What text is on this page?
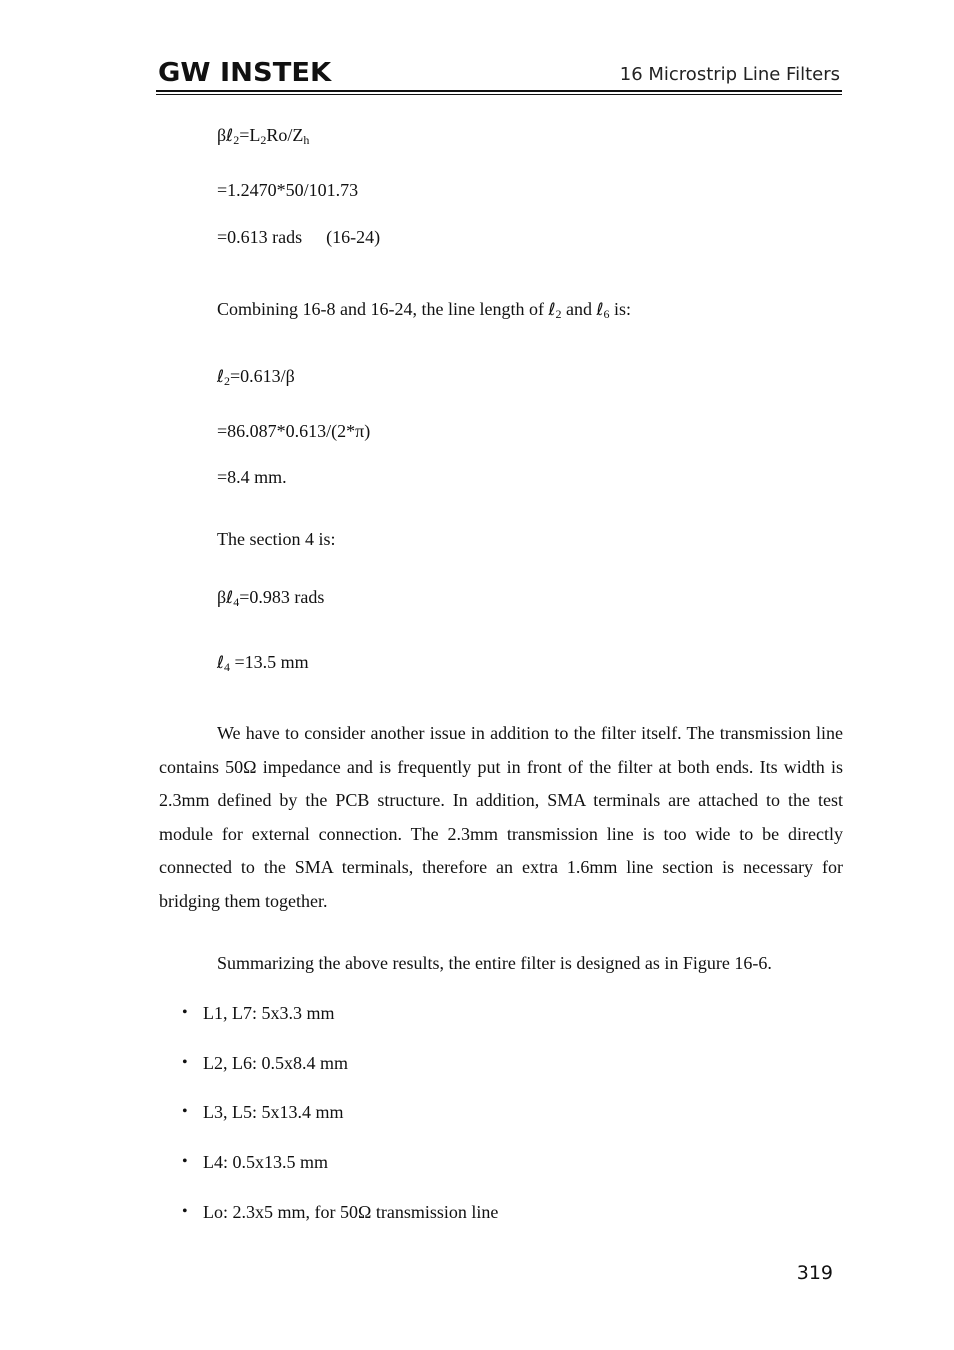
GW INSTEK	16 Microstrip Line Filters
$\beta\ell_2=L_2Ro/Z_h$
=1.2470*50/101.73
=0.613 rads (16-24)
Combining 16-8 and 16-24, the line length of ℓ$_2$ and ℓ$_6$ is:
ℓ$_2$=0.613/β
=86.087*0.613/(2*π)
=8.4 mm.
The section 4 is:
βℓ$_4$=0.983 rads
ℓ$_4$ =13.5 mm
We have to consider another issue in addition to the filter itself. The transmission line contains 50Ω impedance and is frequently put in front of the filter at both ends. Its width is 2.3mm defined by the PCB structure. In addition, SMA terminals are attached to the test module for external connection. The 2.3mm transmission line is too wide to be directly connected to the SMA terminals, therefore an extra 1.6mm line section is necessary for bridging them together.
Summarizing the above results, the entire filter is designed as in Figure 16-6.
• L1, L7: 5x3.3 mm
• L2, L6: 0.5x8.4 mm
• L3, L5: 5x13.4 mm
• L4: 0.5x13.5 mm
• Lo: 2.3x5 mm, for 50Ω transmission line
319
